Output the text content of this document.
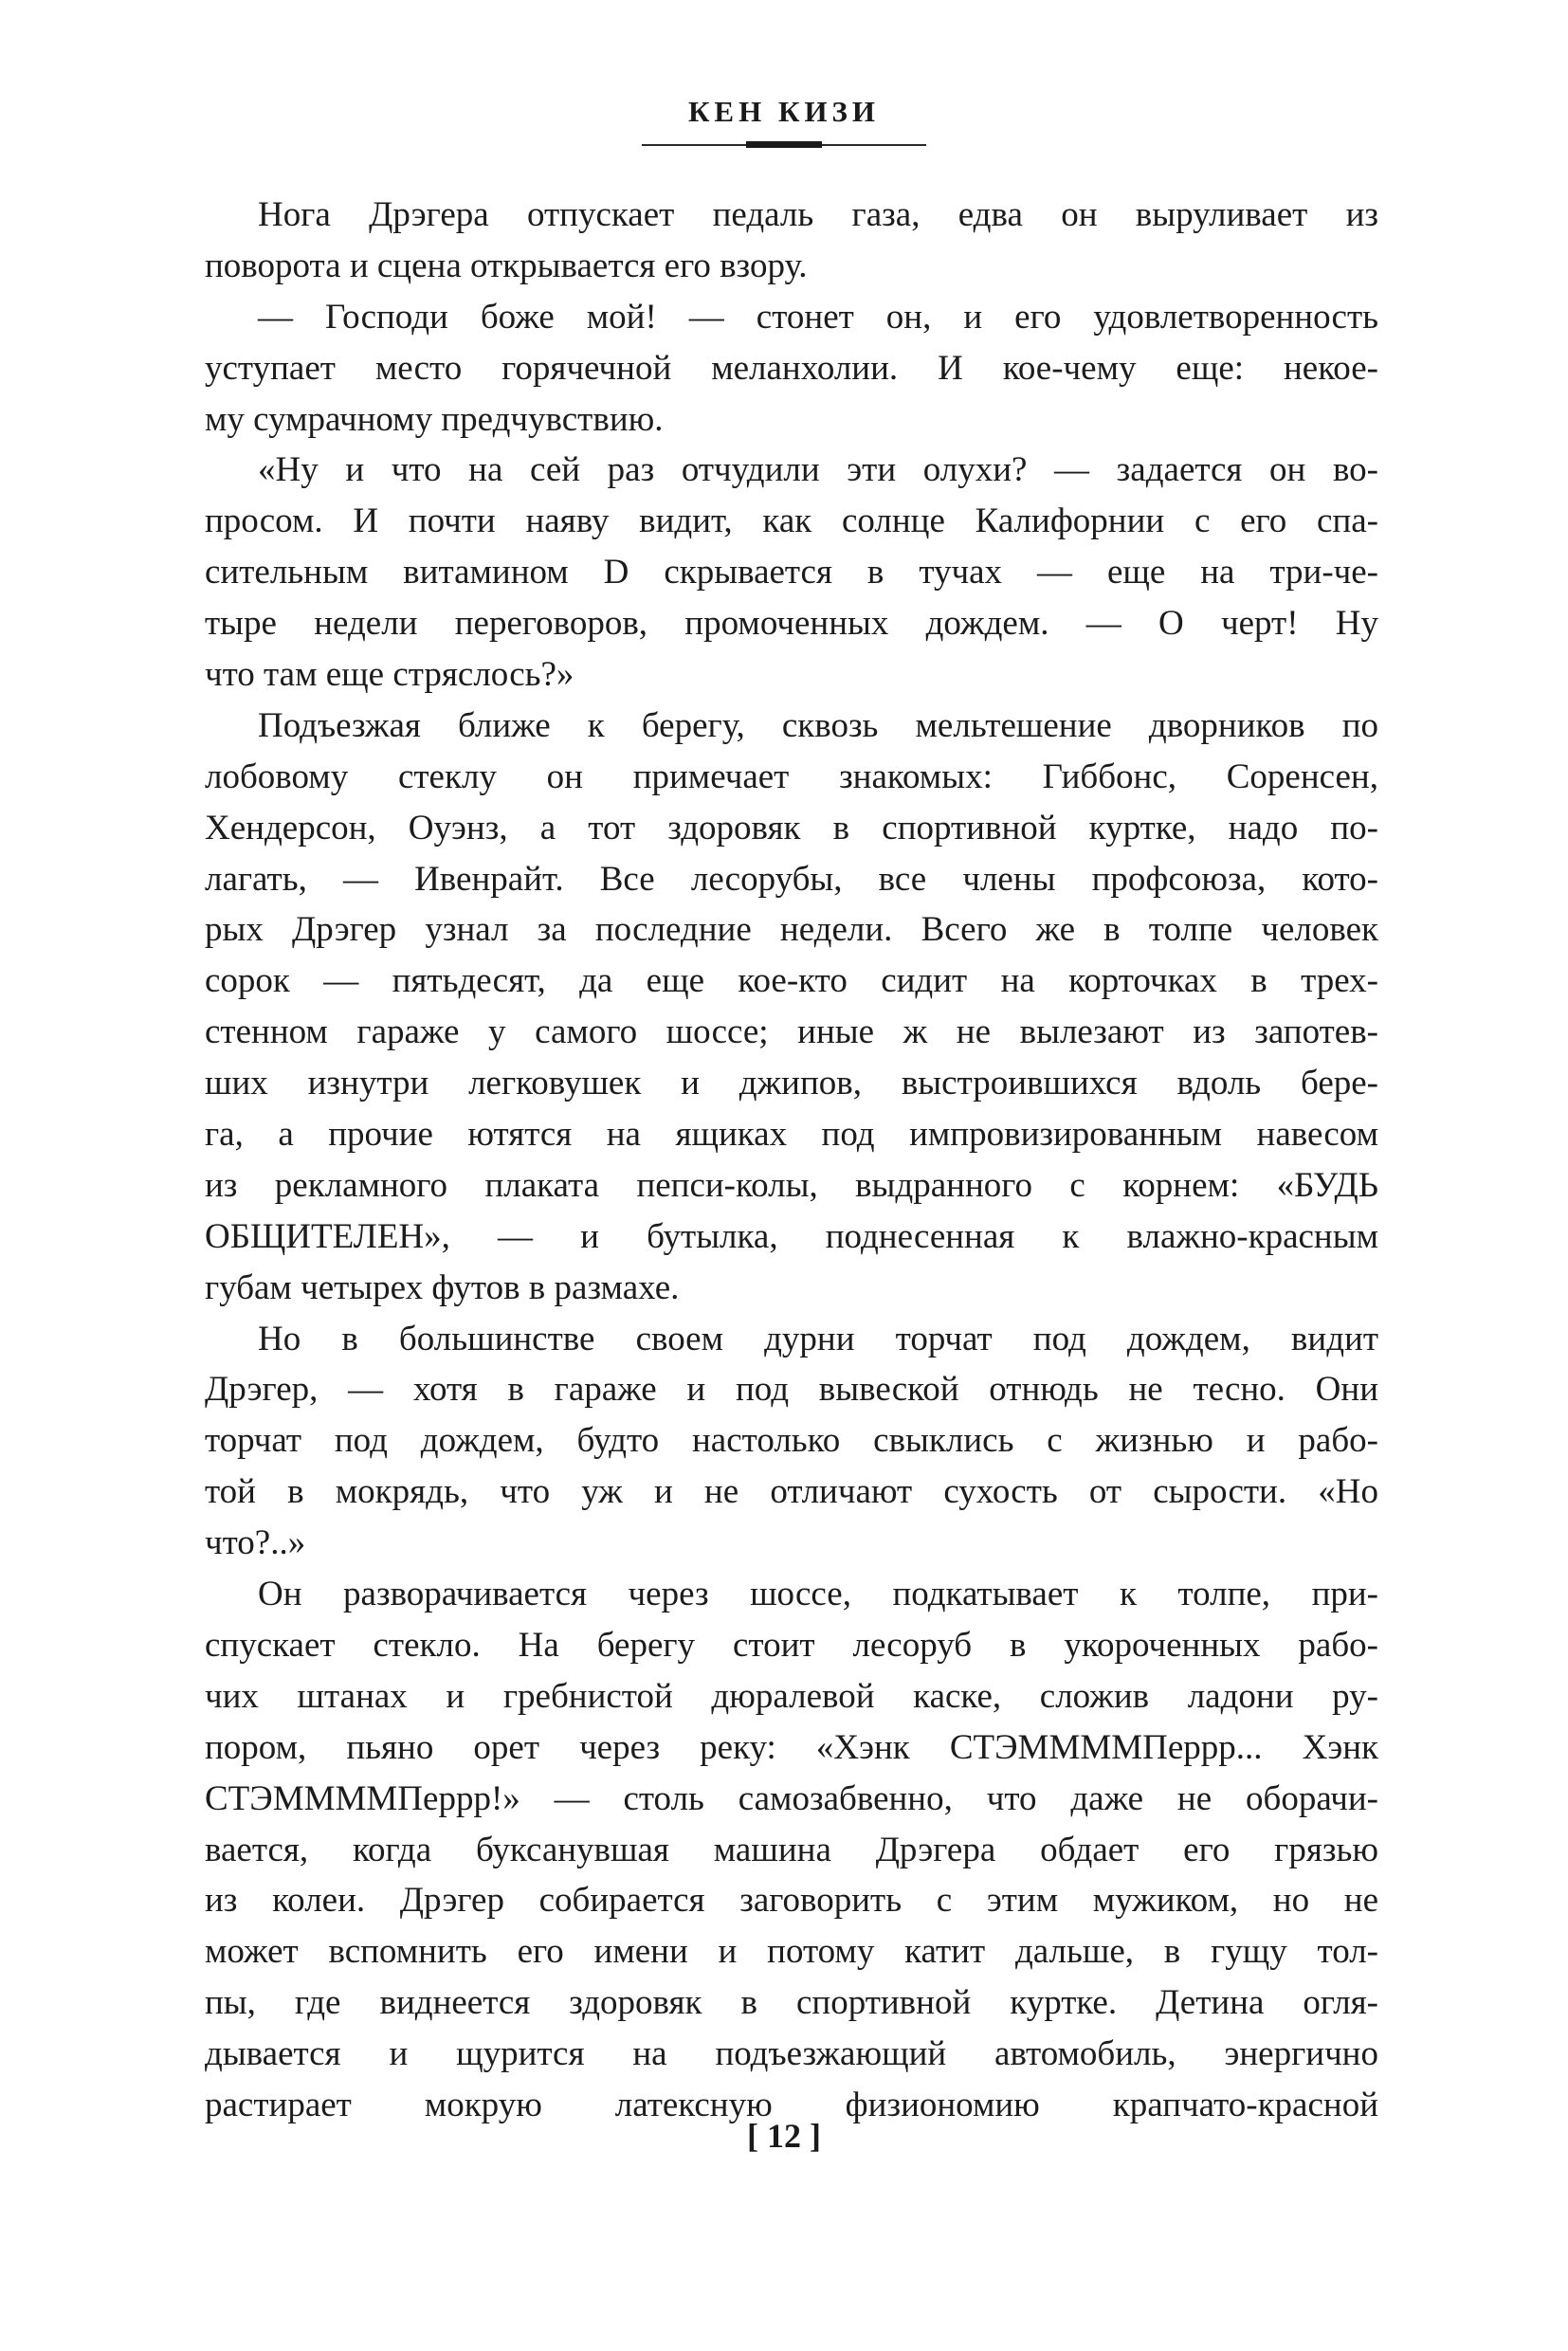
КЕН КИЗИ
Нога Дрэгера отпускает педаль газа, едва он выруливает из
поворота и сцена открывается его взору.
— Господи боже мой! — стонет он, и его удовлетворенность
уступает место горячечной меланхолии. И кое-чему еще: некое-
му сумрачному предчувствию.
«Ну и что на сей раз отчудили эти олухи? — задается он во-
просом. И почти наяву видит, как солнце Калифорнии с его спа-
сительным витамином D скрывается в тучах — еще на три-че-
тыре недели переговоров, промоченных дождем. — О черт! Ну
что там еще стряслось?»
Подъезжая ближе к берегу, сквозь мельтешение дворников по
лобовому стеклу он примечает знакомых: Гиббонс, Соренсен,
Хендерсон, Оуэнз, а тот здоровяк в спортивной куртке, надо по-
лагать, — Ивенрайт. Все лесорубы, все члены профсоюза, кото-
рых Дрэгер узнал за последние недели. Всего же в толпе человек
сорок — пятьдесят, да еще кое-кто сидит на корточках в трех-
стенном гараже у самого шоссе; иные ж не вылезают из запотев-
ших изнутри легковушек и джипов, выстроившихся вдоль бере-
га, а прочие ютятся на ящиках под импровизированным навесом
из рекламного плаката пепси-колы, выдранного с корнем: «БУДЬ
ОБЩИТЕЛЕН», — и бутылка, поднесенная к влажно-красным
губам четырех футов в размахе.
Но в большинстве своем дурни торчат под дождем, видит
Дрэгер, — хотя в гараже и под вывеской отнюдь не тесно. Они
торчат под дождем, будто настолько свыклись с жизнью и рабо-
той в мокрядь, что уж и не отличают сухость от сырости. «Но
что?..»
Он разворачивается через шоссе, подкатывает к толпе, при-
спускает стекло. На берегу стоит лесоруб в укороченных рабо-
чих штанах и гребнистой дюралевой каске, сложив ладони ру-
пором, пьяно орет через реку: «Хэнк СТЭММММПеррр... Хэнк
СТЭММММПеррр!» — столь самозабвенно, что даже не оборачи-
вается, когда буксанувшая машина Дрэгера обдает его грязью
из колеи. Дрэгер собирается заговорить с этим мужиком, но не
может вспомнить его имени и потому катит дальше, в гущу тол-
пы, где виднеется здоровяк в спортивной куртке. Детина огля-
дывается и щурится на подъезжающий автомобиль, энергично
растирает мокрую латексную физиономию крапчато-красной
[ 12 ]
